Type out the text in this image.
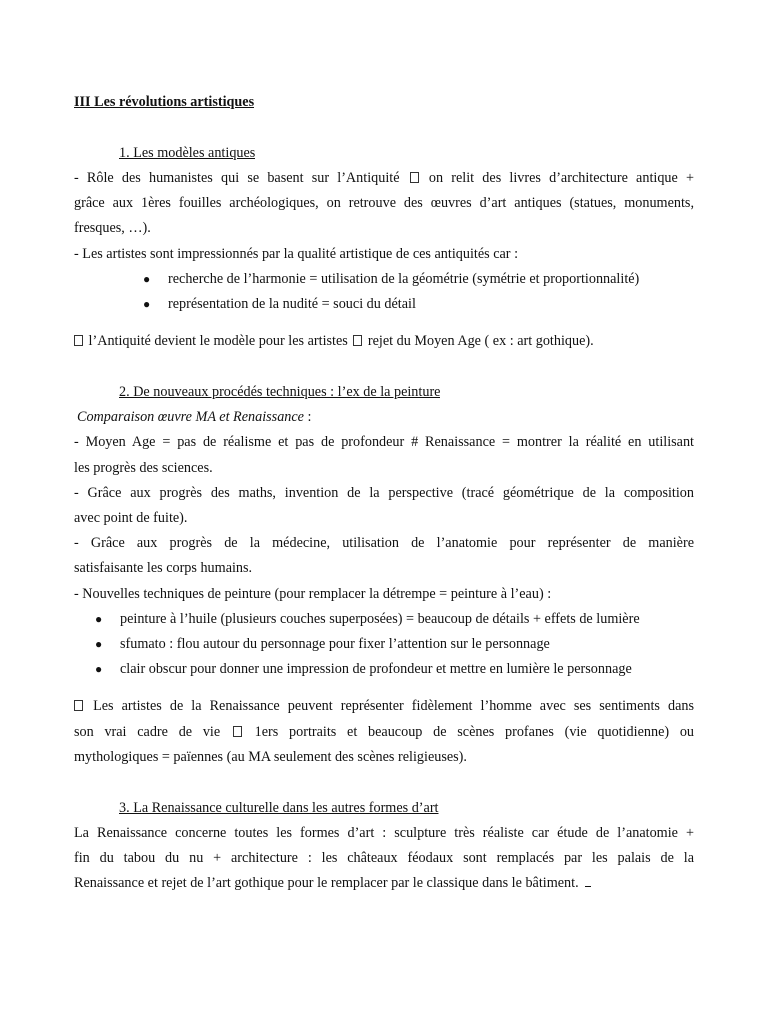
III Les révolutions artistiques
1. Les modèles antiques
- Rôle des humanistes qui se basent sur l’Antiquité on relit des livres d’architecture antique +
grâce aux 1ères fouilles archéologiques, on retrouve des œuvres d’art antiques (statues, monuments,
fresques, …).
- Les artistes sont impressionnés par la qualité artistique de ces antiquités car :
● recherche de l’harmonie = utilisation de la géométrie (symétrie et proportionnalité)
● représentation de la nudité = souci du détail
l’Antiquité devient le modèle pour les artistes rejet du Moyen Age ( ex : art gothique).
2. De nouveaux procédés techniques : l’ex de la peinture
Comparaison œuvre MA et Renaissance :
- Moyen Age = pas de réalisme et pas de profondeur # Renaissance = montrer la réalité en utilisant
les progrès des sciences.
- Grâce aux progrès des maths, invention de la perspective (tracé géométrique de la composition
avec point de fuite).
- Grâce aux progrès de la médecine, utilisation de l’anatomie pour représenter de manière
satisfaisante les corps humains.
- Nouvelles techniques de peinture (pour remplacer la détrempe = peinture à l’eau) :
● peinture à l’huile (plusieurs couches superposées) = beaucoup de détails + effets de lumière
● sfumato : flou autour du personnage pour fixer l’attention sur le personnage
● clair obscur pour donner une impression de profondeur et mettre en lumière le personnage
Les artistes de la Renaissance peuvent représenter fidèlement l’homme avec ses sentiments dans
son vrai cadre de vie 1ers portraits et beaucoup de scènes profanes (vie quotidienne) ou
mythologiques = païennes (au MA seulement des scènes religieuses).
3. La Renaissance culturelle dans les autres formes d’art
La Renaissance concerne toutes les formes d’art : sculpture très réaliste car étude de l’anatomie +
fin du tabou du nu + architecture : les châteaux féodaux sont remplacés par les palais de la
Renaissance et rejet de l’art gothique pour le remplacer par le classique dans le bâtiment.
